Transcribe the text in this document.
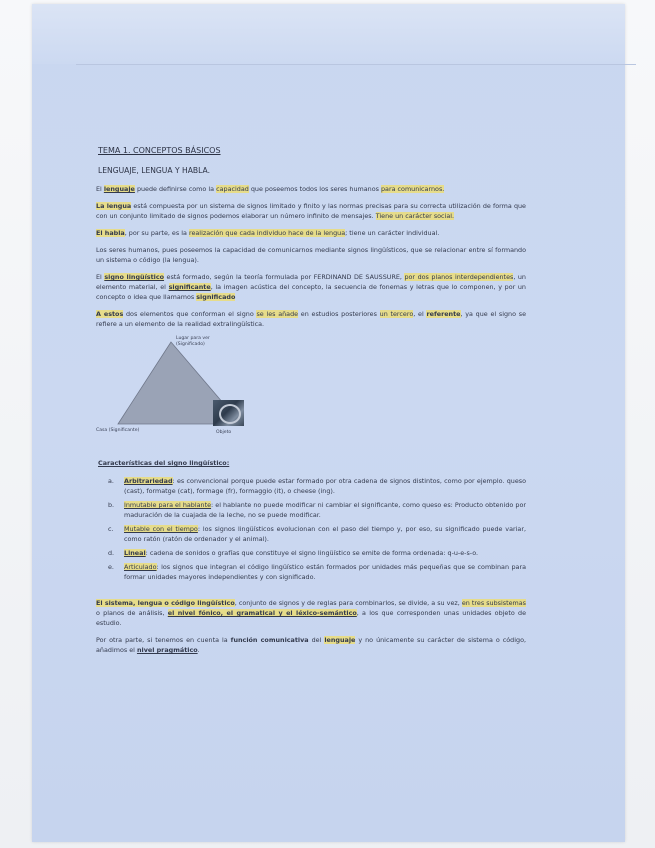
TEMA 1. CONCEPTOS BÁSICOS
LENGUAJE, LENGUA Y HABLA.

El lenguaje puede definirse como la capacidad que poseemos todos los seres humanos para comunicarnos.

La lengua está compuesta por un sistema de signos limitado y finito y las normas precisas para su correcta utilización de forma que con un conjunto limitado de signos podemos elaborar un número infinito de mensajes. Tiene un carácter social.

El habla, por su parte, es la realización que cada individuo hace de la lengua; tiene un carácter individual.

Los seres humanos, pues poseemos la capacidad de comunicarnos mediante signos lingüísticos, que se relacionar entre sí formando un sistema o código (la lengua).

El signo lingüístico está formado, según la teoría formulada por FERDINAND DE SAUSSURE, por dos planos interdependientes, un elemento material, el significante, la imagen acústica del concepto, la secuencia de fonemas y letras que lo componen, y por un concepto o idea que llamamos significado

A estos dos elementos que conforman el signo se les añade en estudios posteriores un tercero, el referente, ya que el signo se refiere a un elemento de la realidad extralingüística.

Lugar para ver (Significado)
Casa (Significante)	Objeto
Características del signo lingüístico:
a. Arbitrariedad: es convencional porque puede estar formado por otra cadena de signos distintos, como por ejemplo. queso (cast), formatge (cat), formage (fr), formaggio (it), o cheese (ing).
b. Inmutable para el hablante: el hablante no puede modificar ni cambiar el significante, como queso es: Producto obtenido por maduración de la cuajada de la leche, no se puede modificar.
c. Mutable con el tiempo: los signos lingüísticos evolucionan con el paso del tiempo y, por eso, su significado puede variar, como ratón (ratón de ordenador y el animal).
d. Lineal: cadena de sonidos o grafías que constituye el signo lingüístico se emite de forma ordenada: q-u-e-s-o.
e. Articulado: los signos que integran el código lingüístico están formados por unidades más pequeñas que se combinan para formar unidades mayores independientes y con significado.

El sistema, lengua o código lingüístico, conjunto de signos y de reglas para combinarlos, se divide, a su vez, en tres subsistemas o planos de análisis, el nivel fónico, el gramatical y el léxico-semántico, a los que corresponden unas unidades objeto de estudio.

Por otra parte, si tenemos en cuenta la función comunicativa del lenguaje y no únicamente su carácter de sistema o código, añadimos el nivel pragmático.
